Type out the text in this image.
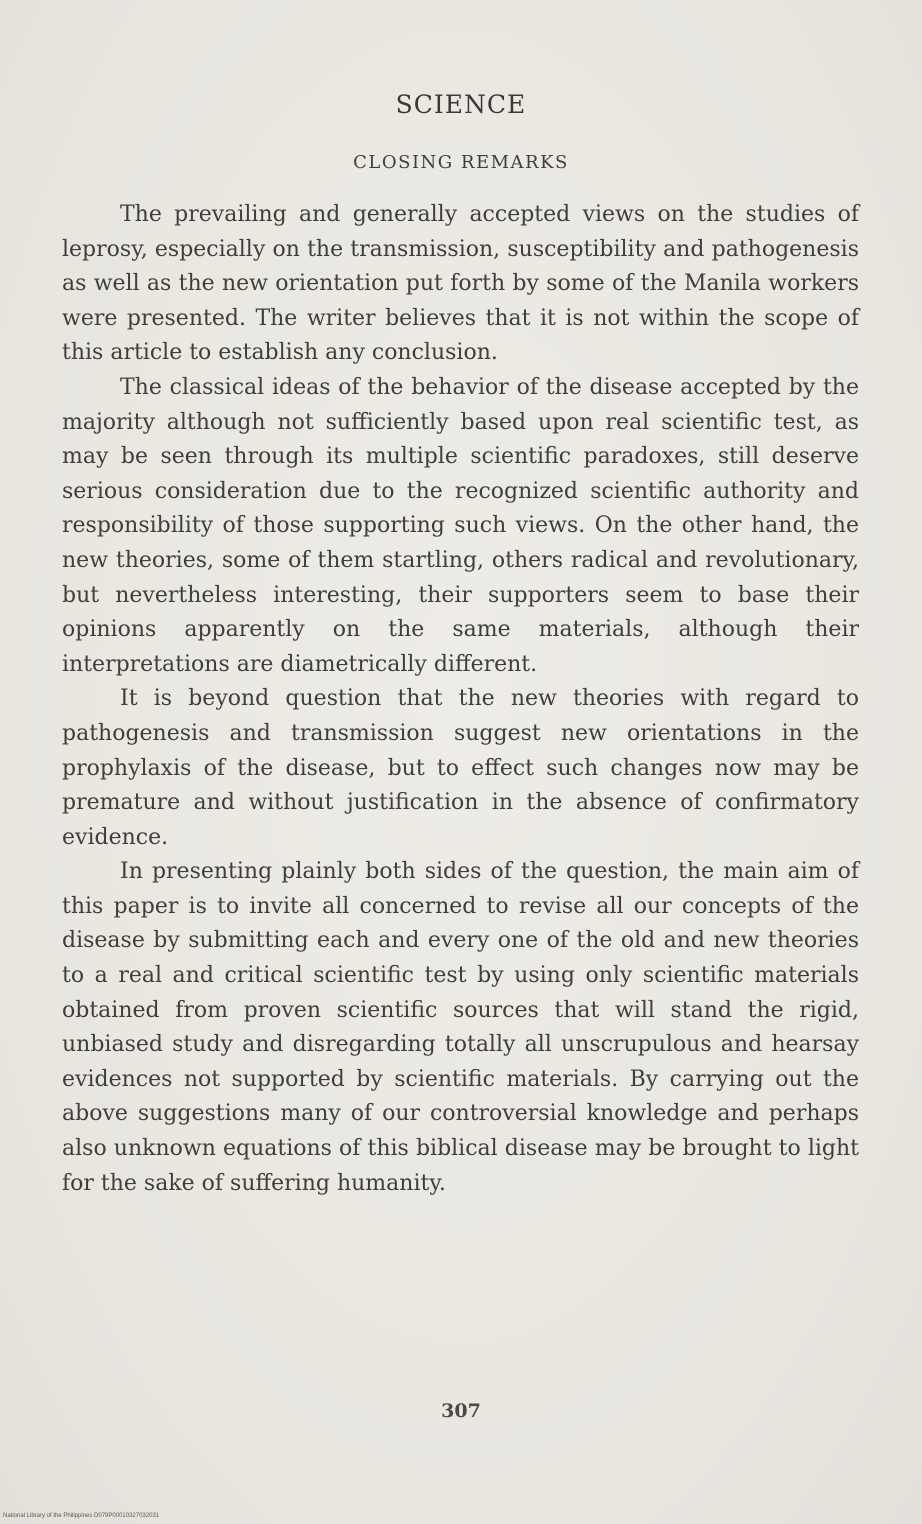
SCIENCE
CLOSING REMARKS

The prevailing and generally accepted views on the studies of leprosy, especially on the transmission, susceptibility and pathogenesis as well as the new orientation put forth by some of the Manila workers were presented. The writer believes that it is not within the scope of this article to establish any conclusion.

The classical ideas of the behavior of the disease accepted by the majority although not sufficiently based upon real scientific test, as may be seen through its multiple scientific paradoxes, still deserve serious consideration due to the recognized scientific authority and responsibility of those supporting such views. On the other hand, the new theories, some of them startling, others radical and revolutionary, but nevertheless interesting, their supporters seem to base their opinions apparently on the same materials, although their interpretations are diametrically different.

It is beyond question that the new theories with regard to pathogenesis and transmission suggest new orientations in the prophylaxis of the disease, but to effect such changes now may be premature and without justification in the absence of confirmatory evidence.

In presenting plainly both sides of the question, the main aim of this paper is to invite all concerned to revise all our concepts of the disease by submitting each and every one of the old and new theories to a real and critical scientific test by using only scientific materials obtained from proven scientific sources that will stand the rigid, unbiased study and disregarding totally all unscrupulous and hearsay evidences not supported by scientific materials. By carrying out the above suggestions many of our controversial knowledge and perhaps also unknown equations of this biblical disease may be brought to light for the sake of suffering humanity.

307
National Library of the Philippines D079P00010327032031
